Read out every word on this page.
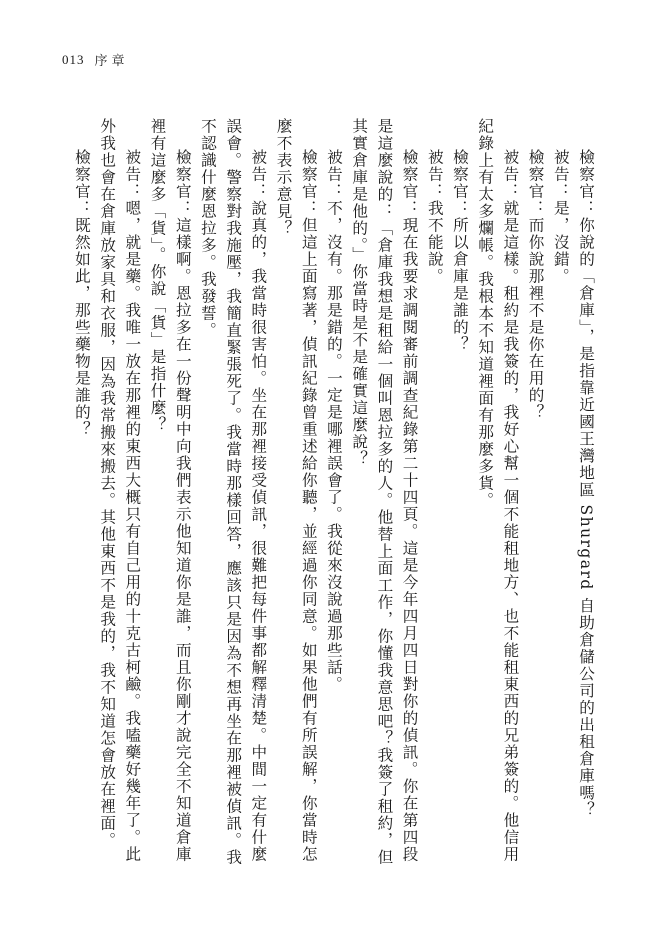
013 序章

檢察官：你說的「倉庫」，是指靠近國王灣地區 Shurgard 自助倉儲公司的出租倉庫嗎？

被告：是，沒錯。

檢察官：而你說那裡不是你在用的？

被告：就是這樣。租約是我簽的，我好心幫一個不能租地方、也不能租東西的兄弟簽的。他信用紀錄上有太多爛帳。我根本不知道裡面有那麼多貨。

檢察官：所以倉庫是誰的？

被告：我不能說。

檢察官：現在我要求調閱審前調查紀錄第二十四頁。這是今年四月四日對你的偵訊。你在第四段是這麼說的：「倉庫我想是租給一個叫恩拉多的人。他替上面工作，你懂我意思吧？我簽了租約，但其實倉庫是他的。」你當時是不是確實這麼說？

被告：不，沒有。那是錯的。一定是哪裡誤會了。我從來沒說過那些話。

檢察官：但這上面寫著，偵訊紀錄曾重述給你聽，並經過你同意。如果他們有所誤解，你當時怎麼不表示意見？

被告：說真的，我當時很害怕。坐在那裡接受偵訊，很難把每件事都解釋清楚。中間一定有什麼誤會。警察對我施壓，我簡直緊張死了。我當時那樣回答，應該只是因為不想再坐在那裡被偵訊。我不認識什麼恩拉多。我發誓。

檢察官：這樣啊。恩拉多在一份聲明中向我們表示他知道你是誰，而且你剛才說完全不知道倉庫裡有這麼多「貨」。你說「貨」是指什麼？

被告：嗯，就是藥。我唯一放在那裡的東西大概只有自己用的十克古柯鹼。我嗑藥好幾年了。此外我也會在倉庫放家具和衣服，因為我常搬來搬去。其他東西不是我的，我不知道怎會放在裡面。

檢察官：既然如此，那些藥物是誰的？
